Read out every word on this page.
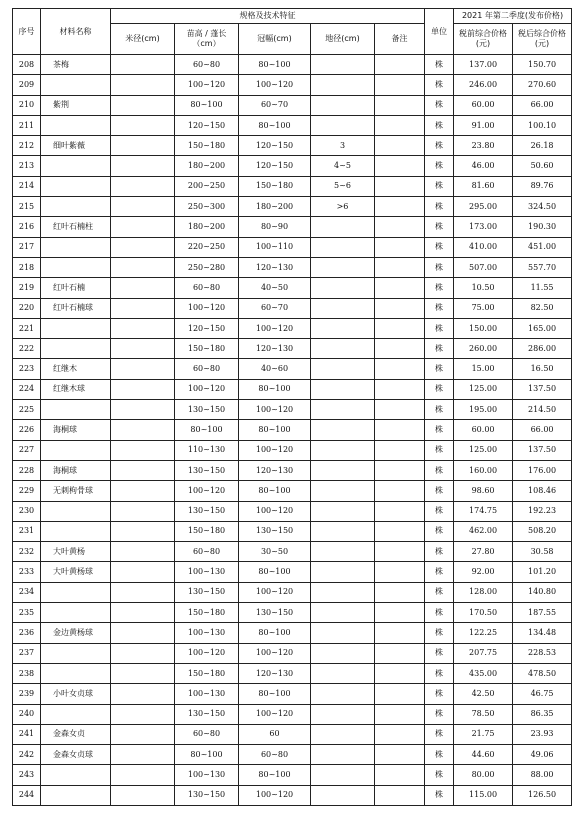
序号	材料名称	规格及技术特征					单位	2021 年第二季度(发布价格)	
		米径(cm)	苗高 / 蓬长（cm）	冠幅(cm)	地径(cm)	备注		税前综合价格(元)	税后综合价格(元)
208	茶梅		60~80	80~100			株	137.00	150.70
209			100~120	100~120			株	246.00	270.60
210	紫荆		80~100	60~70			株	60.00	66.00
211			120~150	80~100			株	91.00	100.10
212	细叶紫薇		150~180	120~150	3		株	23.80	26.18
213			180~200	120~150	4~5		株	46.00	50.60
214			200~250	150~180	5~6		株	81.60	89.76
215			250~300	180~200	>6		株	295.00	324.50
216	红叶石楠柱		180~200	80~90			株	173.00	190.30
217			220~250	100~110			株	410.00	451.00
218			250~280	120~130			株	507.00	557.70
219	红叶石楠		60~80	40~50			株	10.50	11.55
220	红叶石楠球		100~120	60~70			株	75.00	82.50
221			120~150	100~120			株	150.00	165.00
222			150~180	120~130			株	260.00	286.00
223	红继木		60~80	40~60			株	15.00	16.50
224	红继木球		100~120	80~100			株	125.00	137.50
225			130~150	100~120			株	195.00	214.50
226	海桐球		80~100	80~100			株	60.00	66.00
227			110~130	100~120			株	125.00	137.50
228	海桐球		130~150	120~130			株	160.00	176.00
229	无刺枸骨球		100~120	80~100			株	98.60	108.46
230			130~150	100~120			株	174.75	192.23
231			150~180	130~150			株	462.00	508.20
232	大叶黄杨		60~80	30~50			株	27.80	30.58
233	大叶黄杨球		100~130	80~100			株	92.00	101.20
234			130~150	100~120			株	128.00	140.80
235			150~180	130~150			株	170.50	187.55
236	金边黄杨球		100~130	80~100			株	122.25	134.48
237			100~120	100~120			株	207.75	228.53
238			150~180	120~130			株	435.00	478.50
239	小叶女贞球		100~130	80~100			株	42.50	46.75
240			130~150	100~120			株	78.50	86.35
241	金森女贞		60~80	60			株	21.75	23.93
242	金森女贞球		80~100	60~80			株	44.60	49.06
243			100~130	80~100			株	80.00	88.00
244			130~150	100~120			株	115.00	126.50
